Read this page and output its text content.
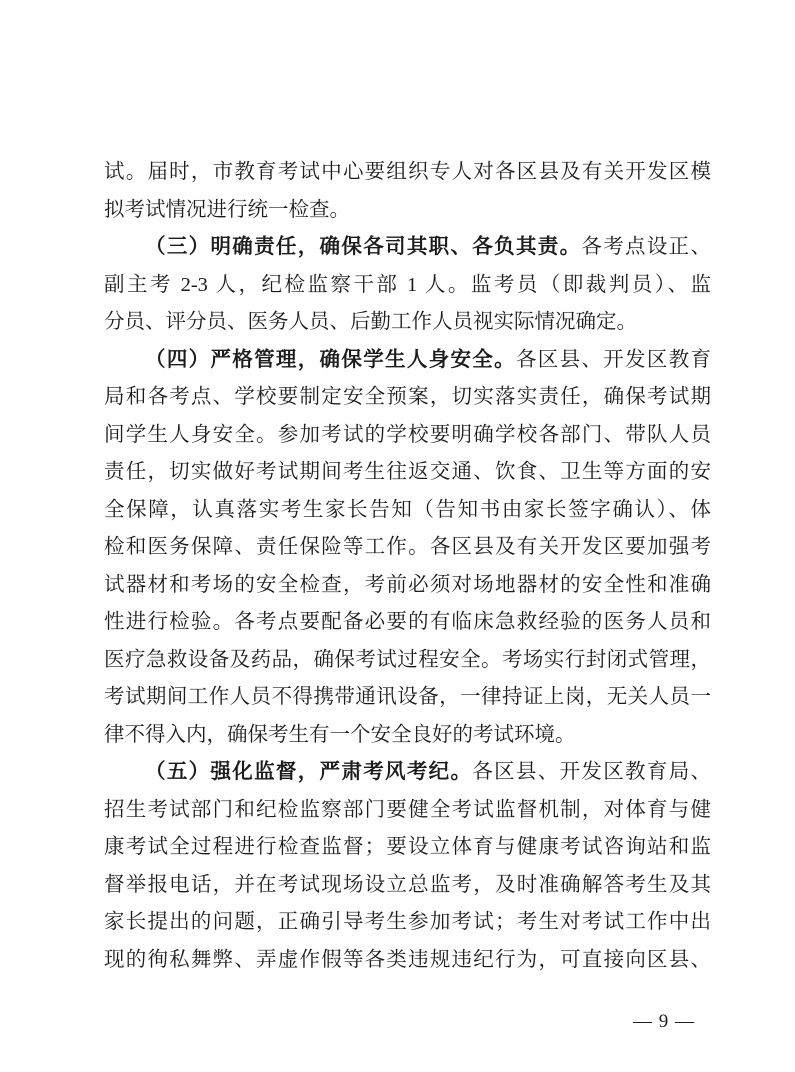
试。届时，市教育考试中心要组织专人对各区县及有关开发区模
拟考试情况进行统一检查。
（三）明确责任，确保各司其职、各负其责。各考点设正、
副主考 2-3 人，纪检监察干部 1 人。监考员（即裁判员）、监
分员、评分员、医务人员、后勤工作人员视实际情况确定。
（四）严格管理，确保学生人身安全。各区县、开发区教育
局和各考点、学校要制定安全预案，切实落实责任，确保考试期
间学生人身安全。参加考试的学校要明确学校各部门、带队人员
责任，切实做好考试期间考生往返交通、饮食、卫生等方面的安
全保障，认真落实考生家长告知（告知书由家长签字确认）、体
检和医务保障、责任保险等工作。各区县及有关开发区要加强考
试器材和考场的安全检查，考前必须对场地器材的安全性和准确
性进行检验。各考点要配备必要的有临床急救经验的医务人员和
医疗急救设备及药品，确保考试过程安全。考场实行封闭式管理，
考试期间工作人员不得携带通讯设备，一律持证上岗，无关人员一
律不得入内，确保考生有一个安全良好的考试环境。
（五）强化监督，严肃考风考纪。各区县、开发区教育局、
招生考试部门和纪检监察部门要健全考试监督机制，对体育与健
康考试全过程进行检查监督；要设立体育与健康考试咨询站和监
督举报电话，并在考试现场设立总监考，及时准确解答考生及其
家长提出的问题，正确引导考生参加考试；考生对考试工作中出
现的徇私舞弊、弄虚作假等各类违规违纪行为，可直接向区县、
— 9 —
